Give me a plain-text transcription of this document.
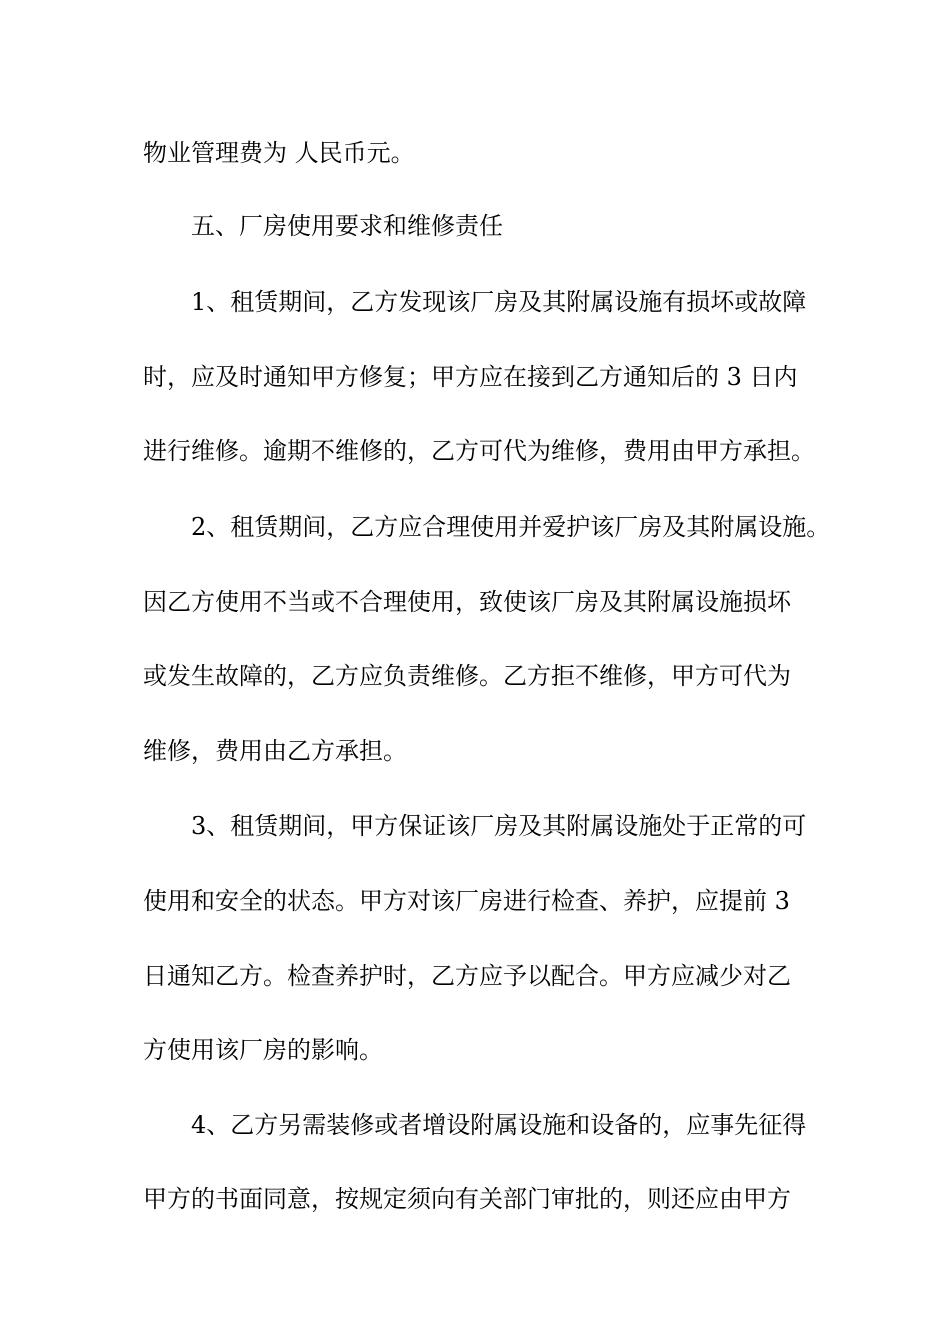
物业管理费为 人民币元。
五、厂房使用要求和维修责任
1、租赁期间，乙方发现该厂房及其附属设施有损坏或故障
时，应及时通知甲方修复；甲方应在接到乙方通知后的 3 日内
进行维修。逾期不维修的，乙方可代为维修，费用由甲方承担。
2、租赁期间，乙方应合理使用并爱护该厂房及其附属设施。
因乙方使用不当或不合理使用，致使该厂房及其附属设施损坏
或发生故障的，乙方应负责维修。乙方拒不维修，甲方可代为
维修，费用由乙方承担。
3、租赁期间，甲方保证该厂房及其附属设施处于正常的可
使用和安全的状态。甲方对该厂房进行检查、养护，应提前 3
日通知乙方。检查养护时，乙方应予以配合。甲方应减少对乙
方使用该厂房的影响。
4、乙方另需装修或者增设附属设施和设备的，应事先征得
甲方的书面同意，按规定须向有关部门审批的，则还应由甲方
